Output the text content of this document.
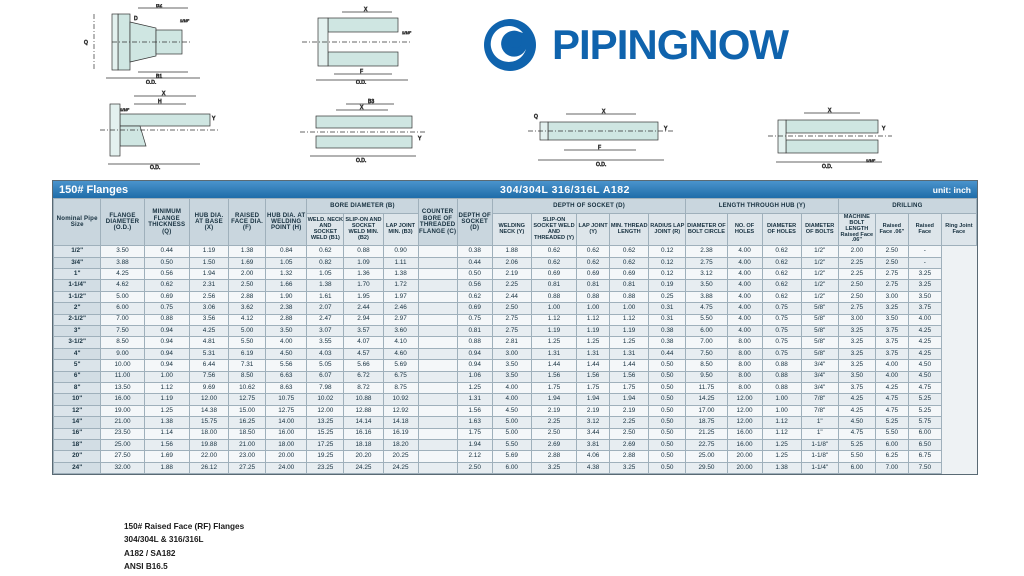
B2
B1
O.D.
Q
D	1/16"
X
F
O.D.
1/16"
X
H
1/16"
Y
O.D.
X
B3
O.D.
Y
Q
X
F
O.D.
Y
X
Y
1/16"
O.D.
PIPINGNOW
150# Flanges	304/304L 316/316L A182	unit: inch
Nominal Pipe Size	FLANGE DIAMETER (O.D.)	MINIMUM FLANGE THICKNESS (Q)	HUB DIA. AT BASE (X)	RAISED FACE DIA. (F)	HUB DIA. AT WELDING POINT (H)	BORE DIAMETER (B)			COUNTER BORE OF THREADED FLANGE (C)	DEPTH OF SOCKET (D)	DEPTH OF SOCKET (D)					LENGTH THROUGH HUB (Y)				DRILLING			
						WELD. NECK AND SOCKET WELD (B1)	SLIP-ON AND SOCKET WELD MIN. (B2)	LAP JOINT MIN. (B3)			WELDING NECK (Y)	SLIP-ON SOCKET WELD AND THREADED (Y)	LAP JOINT (Y)	MIN. THREAD LENGTH	RADIUS LAP JOINT (R)	DIAMETER OF BOLT CIRCLE	NO. OF HOLES	DIAMETER OF HOLES	DIAMETER OF BOLTS	MACHINE BOLT LENGTH Raised Face .06"	Raised Face .06"	Raised Face	Ring Joint Face
1/2"	3.50	0.44	1.19	1.38	0.84	0.62	0.88	0.90		0.38	1.88	0.62	0.62	0.62	0.12	2.38	4.00	0.62	1/2"	2.00	2.50	-	
3/4"	3.88	0.50	1.50	1.69	1.05	0.82	1.09	1.11		0.44	2.06	0.62	0.62	0.62	0.12	2.75	4.00	0.62	1/2"	2.25	2.50	-	
1"	4.25	0.56	1.94	2.00	1.32	1.05	1.36	1.38		0.50	2.19	0.69	0.69	0.69	0.12	3.12	4.00	0.62	1/2"	2.25	2.75	3.25	
1-1/4"	4.62	0.62	2.31	2.50	1.66	1.38	1.70	1.72		0.56	2.25	0.81	0.81	0.81	0.19	3.50	4.00	0.62	1/2"	2.50	2.75	3.25	
1-1/2"	5.00	0.69	2.56	2.88	1.90	1.61	1.95	1.97		0.62	2.44	0.88	0.88	0.88	0.25	3.88	4.00	0.62	1/2"	2.50	3.00	3.50	
2"	6.00	0.75	3.06	3.62	2.38	2.07	2.44	2.46		0.69	2.50	1.00	1.00	1.00	0.31	4.75	4.00	0.75	5/8"	2.75	3.25	3.75	
2-1/2"	7.00	0.88	3.56	4.12	2.88	2.47	2.94	2.97		0.75	2.75	1.12	1.12	1.12	0.31	5.50	4.00	0.75	5/8"	3.00	3.50	4.00	
3"	7.50	0.94	4.25	5.00	3.50	3.07	3.57	3.60		0.81	2.75	1.19	1.19	1.19	0.38	6.00	4.00	0.75	5/8"	3.25	3.75	4.25	
3-1/2"	8.50	0.94	4.81	5.50	4.00	3.55	4.07	4.10		0.88	2.81	1.25	1.25	1.25	0.38	7.00	8.00	0.75	5/8"	3.25	3.75	4.25	
4"	9.00	0.94	5.31	6.19	4.50	4.03	4.57	4.60		0.94	3.00	1.31	1.31	1.31	0.44	7.50	8.00	0.75	5/8"	3.25	3.75	4.25	
5"	10.00	0.94	6.44	7.31	5.56	5.05	5.66	5.69		0.94	3.50	1.44	1.44	1.44	0.50	8.50	8.00	0.88	3/4"	3.25	4.00	4.50	
6"	11.00	1.00	7.56	8.50	6.63	6.07	6.72	6.75		1.06	3.50	1.56	1.56	1.56	0.50	9.50	8.00	0.88	3/4"	3.50	4.00	4.50	
8"	13.50	1.12	9.69	10.62	8.63	7.98	8.72	8.75		1.25	4.00	1.75	1.75	1.75	0.50	11.75	8.00	0.88	3/4"	3.75	4.25	4.75	
10"	16.00	1.19	12.00	12.75	10.75	10.02	10.88	10.92		1.31	4.00	1.94	1.94	1.94	0.50	14.25	12.00	1.00	7/8"	4.25	4.75	5.25	
12"	19.00	1.25	14.38	15.00	12.75	12.00	12.88	12.92		1.56	4.50	2.19	2.19	2.19	0.50	17.00	12.00	1.00	7/8"	4.25	4.75	5.25	
14"	21.00	1.38	15.75	16.25	14.00	13.25	14.14	14.18		1.63	5.00	2.25	3.12	2.25	0.50	18.75	12.00	1.12	1"	4.50	5.25	5.75	
16"	23.50	1.14	18.00	18.50	16.00	15.25	16.16	16.19		1.75	5.00	2.50	3.44	2.50	0.50	21.25	16.00	1.12	1"	4.75	5.50	6.00	
18"	25.00	1.56	19.88	21.00	18.00	17.25	18.18	18.20		1.94	5.50	2.69	3.81	2.69	0.50	22.75	16.00	1.25	1-1/8"	5.25	6.00	6.50	
20"	27.50	1.69	22.00	23.00	20.00	19.25	20.20	20.25		2.12	5.69	2.88	4.06	2.88	0.50	25.00	20.00	1.25	1-1/8"	5.50	6.25	6.75	
24"	32.00	1.88	26.12	27.25	24.00	23.25	24.25	24.25		2.50	6.00	3.25	4.38	3.25	0.50	29.50	20.00	1.38	1-1/4"	6.00	7.00	7.50	
150# Raised Face (RF) Flanges
304/304L & 316/316L
A182 / SA182
ANSI B16.5
